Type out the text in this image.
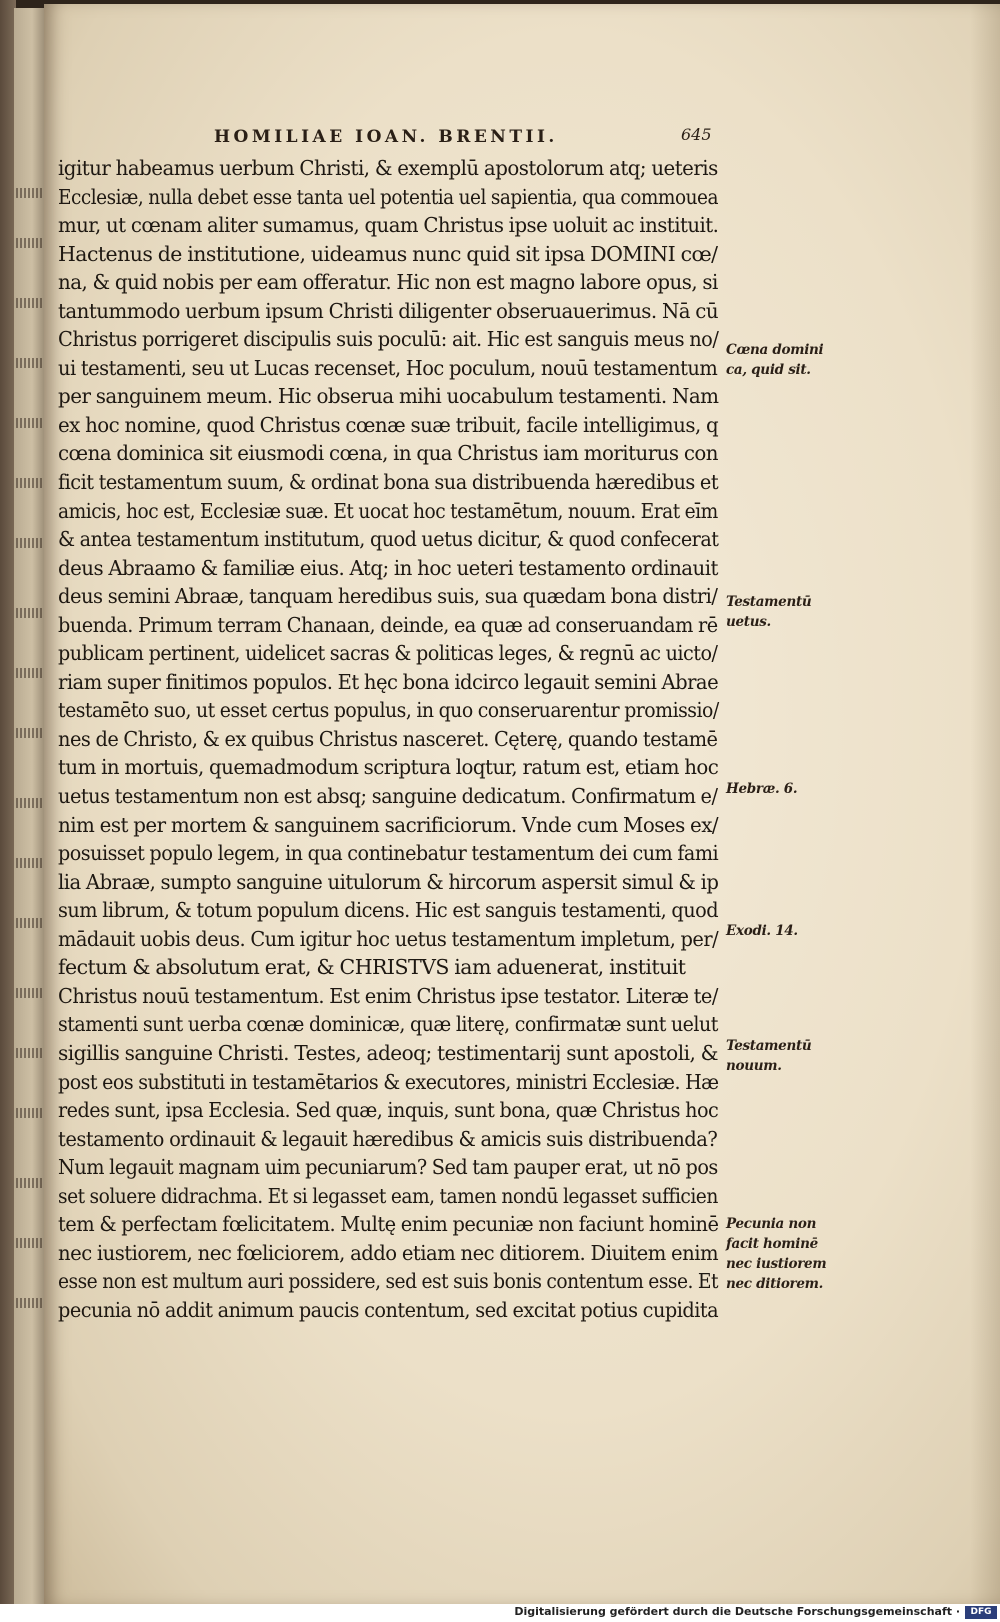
HOMILIAE IOAN. BRENTII.	645
igitur habeamus uerbum Christi, & exemplū apostolorum atq; ueteris Ecclesiæ, nulla debet esse tanta uel potentia uel sapientia, qua commouea mur, ut cœnam aliter sumamus, quam Christus ipse uoluit ac instituit. Hactenus de institutione, uideamus nunc quid sit ipsa DOMINI cœ/ na, & quid nobis per eam offeratur. Hic non est magno labore opus, si tantummodo uerbum ipsum Christi diligenter obseruauerimus. Nā cū Christus porrigeret discipulis suis poculū: ait. Hic est sanguis meus no/ ui testamenti, seu ut Lucas recenset, Hoc poculum, nouū testamentum per sanguinem meum. Hic obserua mihi uocabulum testamenti. Nam ex hoc nomine, quod Christus cœnæ suæ tribuit, facile intelligimus, q cœna dominica sit eiusmodi cœna, in qua Christus iam moriturus con ficit testamentum suum, & ordinat bona sua distribuenda hæredibus et amicis, hoc est, Ecclesiæ suæ. Et uocat hoc testamētum, nouum. Erat eīm & antea testamentum institutum, quod uetus dicitur, & quod confecerat deus Abraamo & familiæ eius. Atq; in hoc ueteri testamento ordinauit deus semini Abraæ, tanquam heredibus suis, sua quædam bona distri/ buenda. Primum terram Chanaan, deinde, ea quæ ad conseruandam rē publicam pertinent, uidelicet sacras & politicas leges, & regnū ac uicto/ riam super finitimos populos. Et hęc bona idcirco legauit semini Abrae testamēto suo, ut esset certus populus, in quo conseruarentur promissio/ nes de Christo, & ex quibus Christus nasceret. Cęterę, quando testamē tum in mortuis, quemadmodum scriptura loqtur, ratum est, etiam hoc uetus testamentum non est absq; sanguine dedicatum. Confirmatum e/ nim est per mortem & sanguinem sacrificiorum. Vnde cum Moses ex/ posuisset populo legem, in qua continebatur testamentum dei cum fami lia Abraæ, sumpto sanguine uitulorum & hircorum aspersit simul & ip sum librum, & totum populum dicens. Hic est sanguis testamenti, quod mādauit uobis deus. Cum igitur hoc uetus testamentum impletum, per/
fectum & absolutum erat, & CHRISTVS iam aduenerat, instituit
Christus nouū testamentum. Est enim Christus ipse testator. Literæ te/ stamenti sunt uerba cœnæ dominicæ, quæ literę, confirmatæ sunt uelut sigillis sanguine Christi. Testes, adeoq; testimentarij sunt apostoli, & post eos substituti in testamētarios & executores, ministri Ecclesiæ. Hæ redes sunt, ipsa Ecclesia. Sed quæ, inquis, sunt bona, quæ Christus hoc testamento ordinauit & legauit hæredibus & amicis suis distribuenda? Num legauit magnam uim pecuniarum? Sed tam pauper erat, ut nō pos set soluere didrachma. Et si legasset eam, tamen nondū legasset sufficien tem & perfectam fœlicitatem. Multę enim pecuniæ non faciunt hominē nec iustiorem, nec fœliciorem, addo etiam nec ditiorem. Diuitem enim esse non est multum auri possidere, sed est suis bonis contentum esse. Et pecunia nō addit animum paucis contentum, sed excitat potius cupidita
Cœna domini
ca, quid sit.
Testamentū
uetus.
Hebræ. 6.
Exodi. 14.
Testamentū
nouum.
Pecunia non
facit hominē
nec iustiorem
nec ditiorem.
Digitalisierung gefördert durch die Deutsche Forschungsgemeinschaft ·	DFG
